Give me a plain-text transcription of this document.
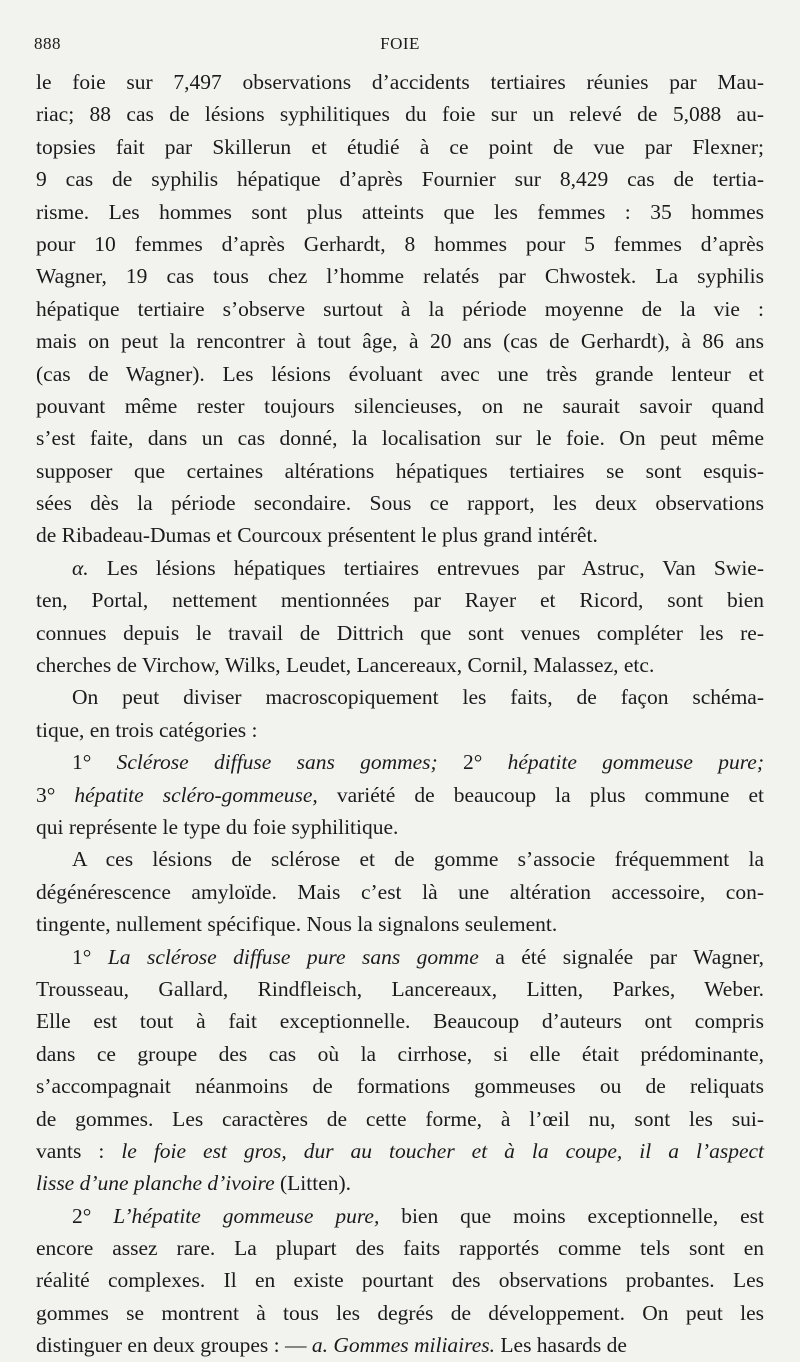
888	FOIE
le foie sur 7,497 observations d’accidents tertiaires réunies par Mau-
riac; 88 cas de lésions syphilitiques du foie sur un relevé de 5,088 au-
topsies fait par Skillerun et étudié à ce point de vue par Flexner;
9 cas de syphilis hépatique d’après Fournier sur 8,429 cas de tertia-
risme. Les hommes sont plus atteints que les femmes : 35 hommes
pour 10 femmes d’après Gerhardt, 8 hommes pour 5 femmes d’après
Wagner, 19 cas tous chez l’homme relatés par Chwostek. La syphilis
hépatique tertiaire s’observe surtout à la période moyenne de la vie :
mais on peut la rencontrer à tout âge, à 20 ans (cas de Gerhardt), à 86 ans
(cas de Wagner). Les lésions évoluant avec une très grande lenteur et
pouvant même rester toujours silencieuses, on ne saurait savoir quand
s’est faite, dans un cas donné, la localisation sur le foie. On peut même
supposer que certaines altérations hépatiques tertiaires se sont esquis-
sées dès la période secondaire. Sous ce rapport, les deux observations
de Ribadeau-Dumas et Courcoux présentent le plus grand intérêt.
α. Les lésions hépatiques tertiaires entrevues par Astruc, Van Swie-
ten, Portal, nettement mentionnées par Rayer et Ricord, sont bien
connues depuis le travail de Dittrich que sont venues compléter les re-
cherches de Virchow, Wilks, Leudet, Lancereaux, Cornil, Malassez, etc.
On peut diviser macroscopiquement les faits, de façon schéma-
tique, en trois catégories :
1° Sclérose diffuse sans gommes; 2° hépatite gommeuse pure;
3° hépatite scléro-gommeuse, variété de beaucoup la plus commune et
qui représente le type du foie syphilitique.
A ces lésions de sclérose et de gomme s’associe fréquemment la
dégénérescence amyloïde. Mais c’est là une altération accessoire, con-
tingente, nullement spécifique. Nous la signalons seulement.
1° La sclérose diffuse pure sans gomme a été signalée par Wagner,
Trousseau, Gallard, Rindfleisch, Lancereaux, Litten, Parkes, Weber.
Elle est tout à fait exceptionnelle. Beaucoup d’auteurs ont compris
dans ce groupe des cas où la cirrhose, si elle était prédominante,
s’accompagnait néanmoins de formations gommeuses ou de reliquats
de gommes. Les caractères de cette forme, à l’œil nu, sont les sui-
vants : le foie est gros, dur au toucher et à la coupe, il a l’aspect
lisse d’une planche d’ivoire (Litten).
2° L’hépatite gommeuse pure, bien que moins exceptionnelle, est
encore assez rare. La plupart des faits rapportés comme tels sont en
réalité complexes. Il en existe pourtant des observations probantes. Les
gommes se montrent à tous les degrés de développement. On peut les
distinguer en deux groupes : — a. Gommes miliaires. Les hasards de
